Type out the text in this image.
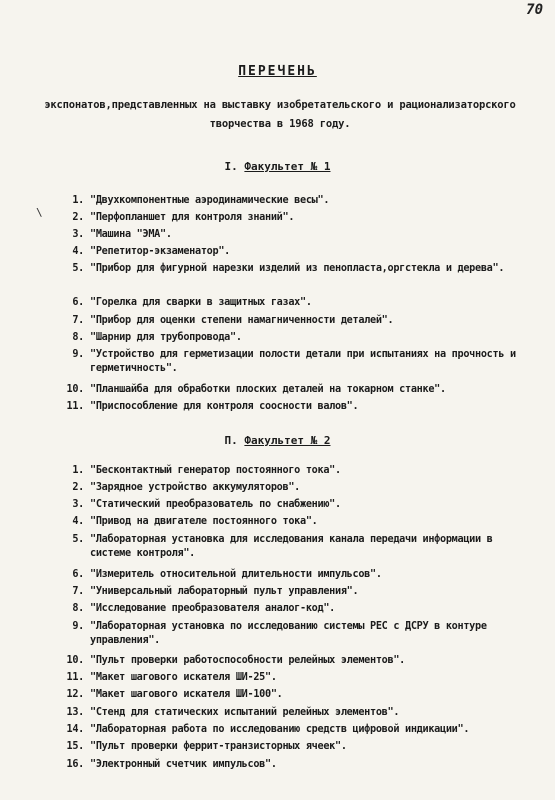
70
ПЕРЕЧЕНЬ
экспонатов,представленных на выставку изобретательского и рационализаторского творчества в 1968 году.
I. Факультет № 1
1. "Двухкомпонентные аэродинамические весы".
2. "Перфопланшет для контроля знаний".
3. "Машина "ЭМА".
4. "Репетитор-экзаменатор".
5. "Прибор для фигурной нарезки изделий из пенопласта,оргстекла и дерева".
6. "Горелка для сварки в защитных газах".
7. "Прибор для оценки степени намагниченности деталей".
8. "Шарнир для трубопровода".
9. "Устройство для герметизации полости детали при испытаниях на прочность и герметичность".
10. "Планшайба для обработки плоских деталей на токарном станке".
11. "Приспособление для контроля соосности валов".
П. Факультет № 2
1. "Бесконтактный генератор постоянного тока".
2. "Зарядное устройство аккумуляторов".
3. "Статический преобразователь по снабжению".
4. "Привод на двигателе постоянного тока".
5. "Лабораторная установка для исследования канала передачи информации в системе контроля".
6. "Измеритель относительной длительности импульсов".
7. "Универсальный лабораторный пульт управления".
8. "Исследование преобразователя аналог-код".
9. "Лабораторная установка по исследованию системы РЕС с ДСРУ в контуре управления".
10. "Пульт проверки работоспособности релейных элементов".
11. "Макет шагового искателя ШИ-25".
12. "Макет шагового искателя ШИ-100".
13. "Стенд для статических испытаний релейных элементов".
14. "Лабораторная работа по исследованию средств цифровой индикации".
15. "Пульт проверки феррит-транзисторных ячеек".
16. "Электронный счетчик импульсов".
\
